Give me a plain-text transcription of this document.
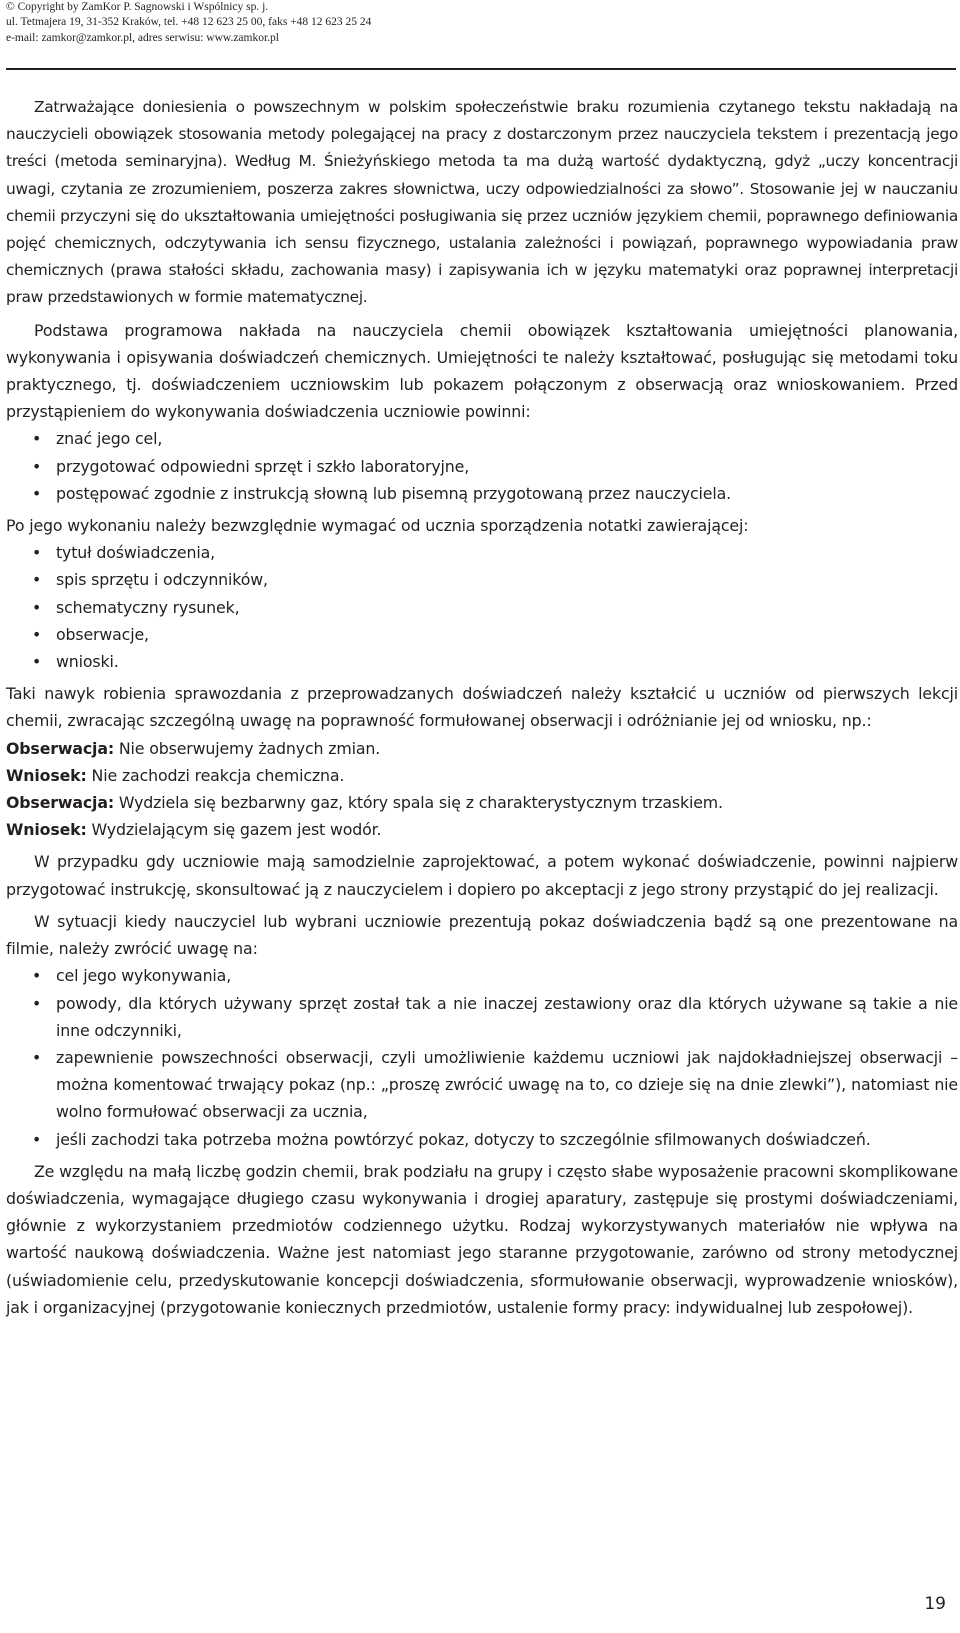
© Copyright by ZamKor P. Sagnowski i Wspólnicy sp. j.
ul. Tetmajera 19, 31-352 Kraków, tel. +48 12 623 25 00, faks +48 12 623 25 24
e-mail: zamkor@zamkor.pl, adres serwisu: www.zamkor.pl

Zatrważające doniesienia o powszechnym w polskim społeczeństwie braku rozumienia czytanego tekstu nakładają na nauczycieli obowiązek stosowania metody polegającej na pracy z dostarczonym przez nauczyciela tekstem i prezentacją jego treści (metoda seminaryjna). Według M. Śnieżyńskiego metoda ta ma dużą wartość dydaktyczną, gdyż „uczy koncentracji uwagi, czytania ze zrozumieniem, poszerza zakres słownictwa, uczy odpowiedzialności za słowo”. Stosowanie jej w nauczaniu chemii przyczyni się do ukształtowania umiejętności posługiwania się przez uczniów językiem chemii, poprawnego definiowania pojęć chemicznych, odczytywania ich sensu fizycznego, ustalania zależności i powiązań, poprawnego wypowiadania praw chemicznych (prawa stałości składu, zachowania masy) i zapisywania ich w języku matematyki oraz poprawnej interpretacji praw przedstawionych w formie matematycznej.

Podstawa programowa nakłada na nauczyciela chemii obowiązek kształtowania umiejętności planowania, wykonywania i opisywania doświadczeń chemicznych. Umiejętności te należy kształtować, posługując się metodami toku praktycznego, tj. doświadczeniem uczniowskim lub pokazem połączonym z obserwacją oraz wnioskowaniem. Przed przystąpieniem do wykonywania doświadczenia uczniowie powinni:

• znać jego cel,
• przygotować odpowiedni sprzęt i szkło laboratoryjne,
• postępować zgodnie z instrukcją słowną lub pisemną przygotowaną przez nauczyciela.

Po jego wykonaniu należy bezwzględnie wymagać od ucznia sporządzenia notatki zawierającej:

• tytuł doświadczenia,
• spis sprzętu i odczynników,
• schematyczny rysunek,
• obserwacje,
• wnioski.

Taki nawyk robienia sprawozdania z przeprowadzanych doświadczeń należy kształcić u uczniów od pierwszych lekcji chemii, zwracając szczególną uwagę na poprawność formułowanej obserwacji i odróżnianie jej od wniosku, np.:

Obserwacja: Nie obserwujemy żadnych zmian.

Wniosek: Nie zachodzi reakcja chemiczna.

Obserwacja: Wydziela się bezbarwny gaz, który spala się z charakterystycznym trzaskiem.

Wniosek: Wydzielającym się gazem jest wodór.

W przypadku gdy uczniowie mają samodzielnie zaprojektować, a potem wykonać doświadczenie, powinni najpierw przygotować instrukcję, skonsultować ją z nauczycielem i dopiero po akceptacji z jego strony przystąpić do jej realizacji.

W sytuacji kiedy nauczyciel lub wybrani uczniowie prezentują pokaz doświadczenia bądź są one prezentowane na filmie, należy zwrócić uwagę na:

• cel jego wykonywania,
• powody, dla których używany sprzęt został tak a nie inaczej zestawiony oraz dla których używane są takie a nie inne odczynniki,
• zapewnienie powszechności obserwacji, czyli umożliwienie każdemu uczniowi jak najdokładniejszej obserwacji – można komentować trwający pokaz (np.: „proszę zwrócić uwagę na to, co dzieje się na dnie zlewki”), natomiast nie wolno formułować obserwacji za ucznia,
• jeśli zachodzi taka potrzeba można powtórzyć pokaz, dotyczy to szczególnie sfilmowanych doświadczeń.

Ze względu na małą liczbę godzin chemii, brak podziału na grupy i często słabe wyposażenie pracowni skomplikowane doświadczenia, wymagające długiego czasu wykonywania i drogiej aparatury, zastępuje się prostymi doświadczeniami, głównie z wykorzystaniem przedmiotów codziennego użytku. Rodzaj wykorzystywanych materiałów nie wpływa na wartość naukową doświadczenia. Ważne jest natomiast jego staranne przygotowanie, zarówno od strony metodycznej (uświadomienie celu, przedyskutowanie koncepcji doświadczenia, sformułowanie obserwacji, wyprowadzenie wniosków), jak i organizacyjnej (przygotowanie koniecznych przedmiotów, ustalenie formy pracy: indywidualnej lub zespołowej).

19
